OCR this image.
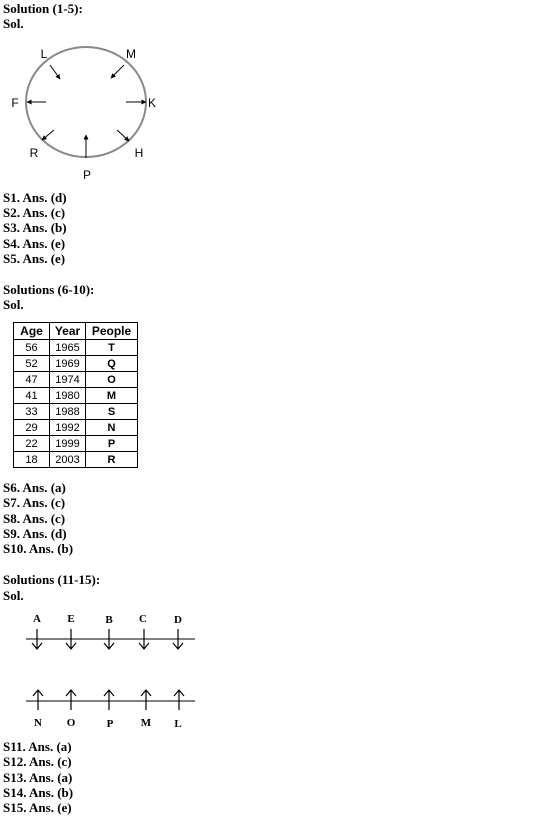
Solution (1-5):
Sol.
L	M
F	K
R	H
P
S1. Ans. (d)
S2. Ans. (c)
S3. Ans. (b)
S4. Ans. (e)
S5. Ans. (e)
Solutions (6-10):
Sol.
Age	Year	People
56	1965	T
52	1969	Q
47	1974	O
41	1980	M
33	1988	S
29	1992	N
22	1999	P
18	2003	R
S6. Ans. (a)
S7. Ans. (c)
S8. Ans. (c)
S9. Ans. (d)
S10. Ans. (b)
Solutions (11-15):
Sol.
A E	B C D
N O	P M L
S11. Ans. (a)
S12. Ans. (c)
S13. Ans. (a)
S14. Ans. (b)
S15. Ans. (e)
